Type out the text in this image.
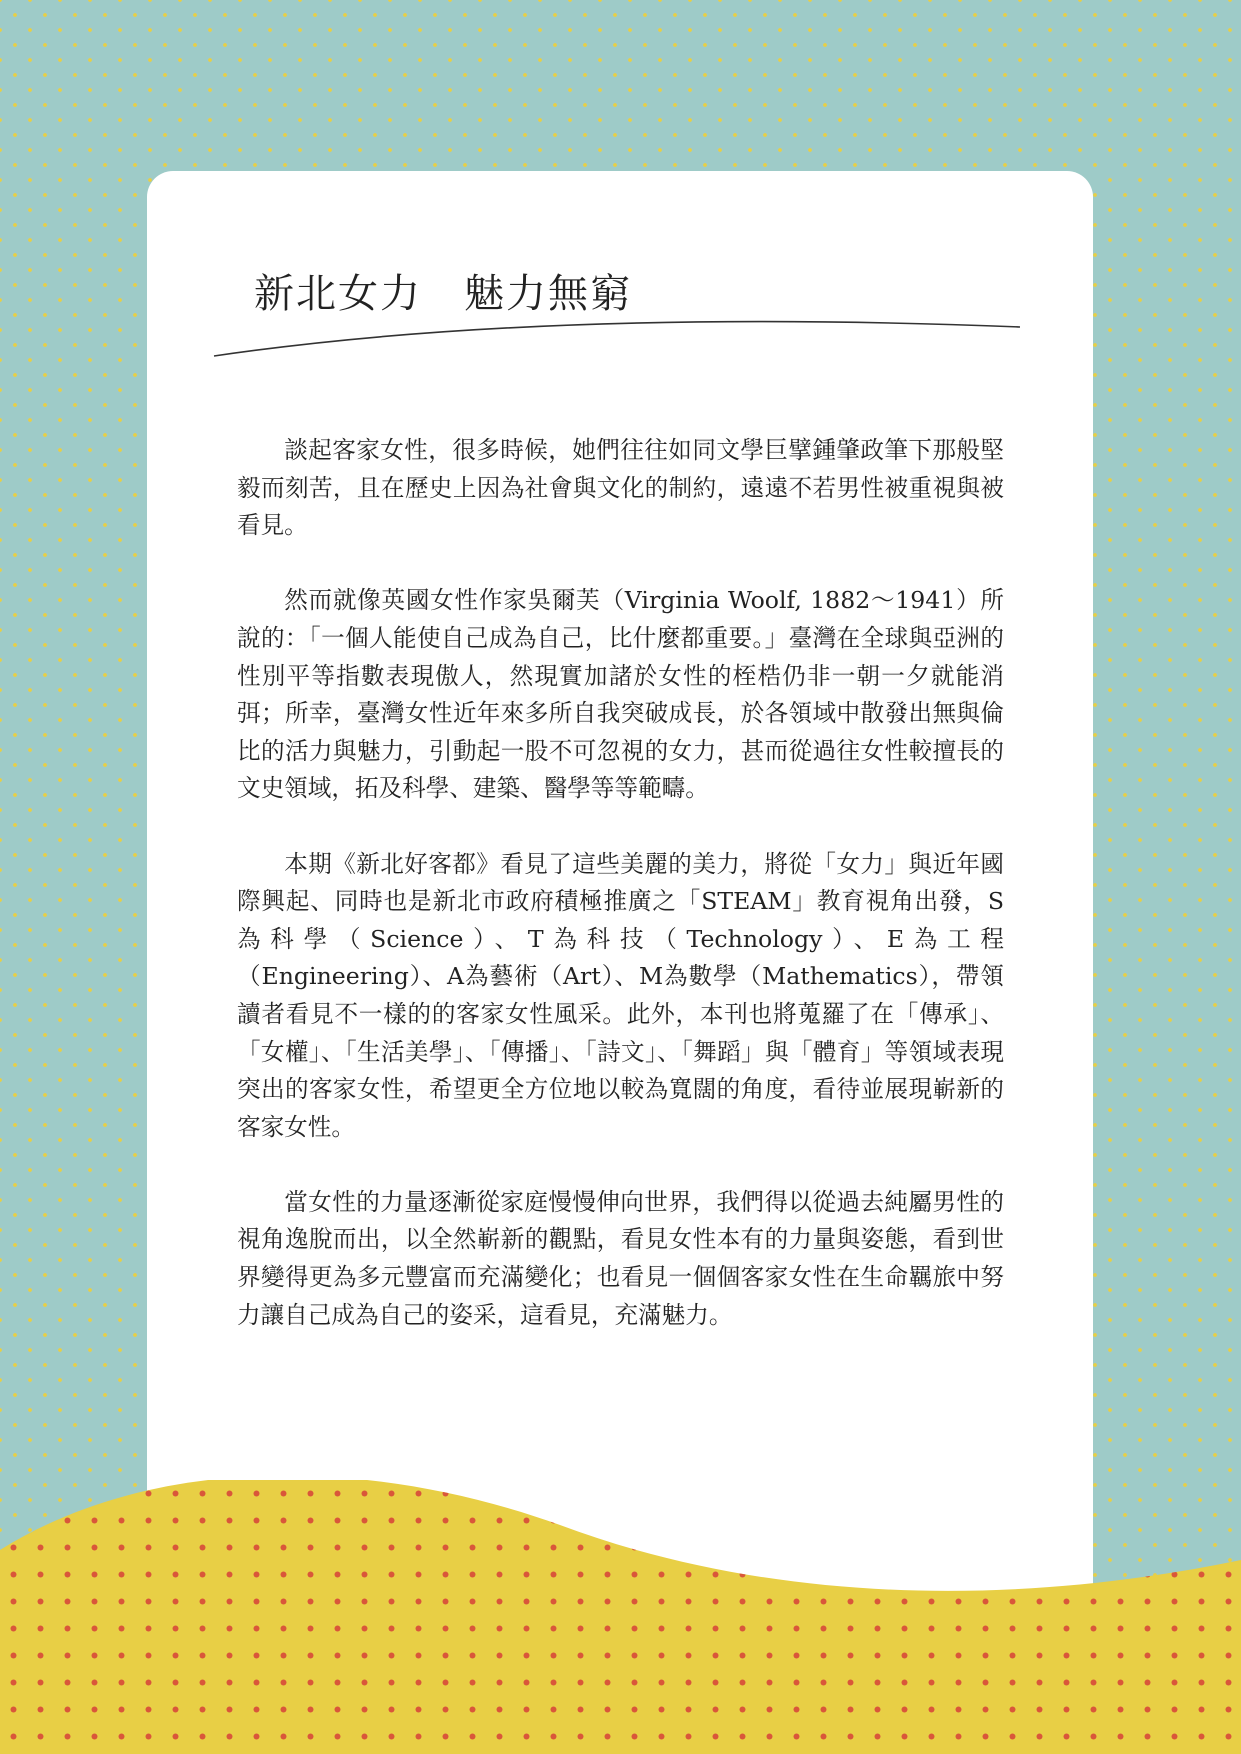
新北女力　魅力無窮

談起客家女性，很多時候，她們往往如同文學巨擘鍾肇政筆下那般堅毅而刻苦，且在歷史上因為社會與文化的制約，遠遠不若男性被重視與被看見。

然而就像英國女性作家吳爾芙（Virginia Woolf, 1882～1941）所說的：「一個人能使自己成為自己，比什麼都重要。」臺灣在全球與亞洲的性別平等指數表現傲人，然現實加諸於女性的桎梏仍非一朝一夕就能消弭；所幸，臺灣女性近年來多所自我突破成長，於各領域中散發出無與倫比的活力與魅力，引動起一股不可忽視的女力，甚而從過往女性較擅長的文史領域，拓及科學、建築、醫學等等範疇。

本期《新北好客都》看見了這些美麗的美力，將從「女力」與近年國際興起、同時也是新北市政府積極推廣之「STEAM」教育視角出發，S為科學（Science）、T為科技（Technology）、E為工程（Engineering）、A為藝術（Art）、M為數學（Mathematics），帶領讀者看見不一樣的的客家女性風采。此外，本刊也將蒐羅了在「傳承」、「女權」、「生活美學」、「傳播」、「詩文」、「舞蹈」與「體育」等領域表現突出的客家女性，希望更全方位地以較為寬闊的角度，看待並展現嶄新的客家女性。

當女性的力量逐漸從家庭慢慢伸向世界，我們得以從過去純屬男性的視角逸脫而出，以全然嶄新的觀點，看見女性本有的力量與姿態，看到世界變得更為多元豐富而充滿變化；也看見一個個客家女性在生命羈旅中努力讓自己成為自己的姿采，這看見，充滿魅力。
